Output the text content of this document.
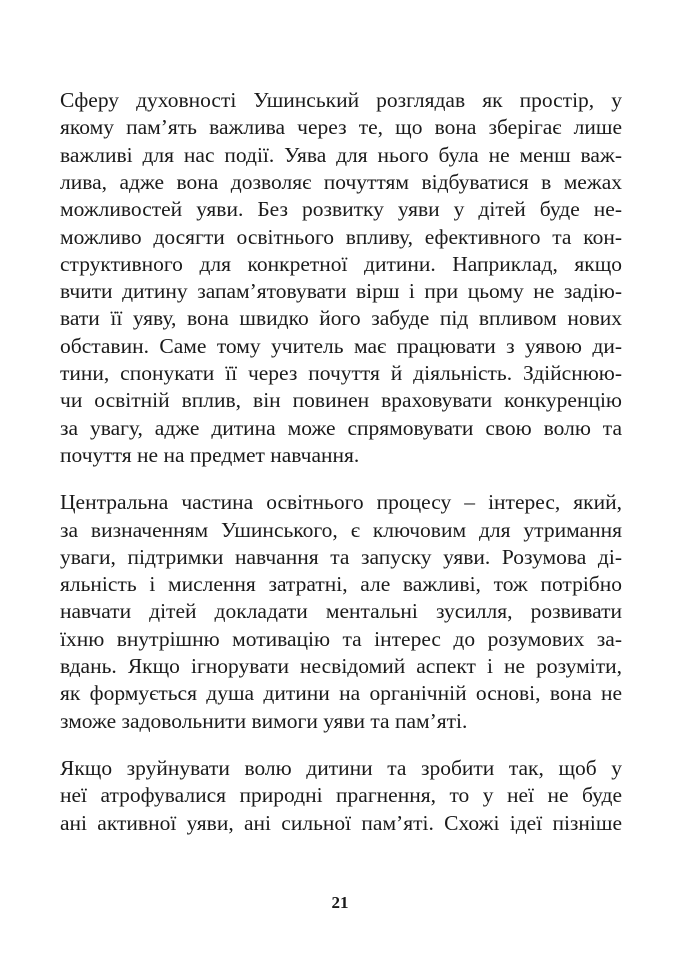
Сферу духовності Ушинський розглядав як простір, у
якому пам’ять важлива через те, що вона зберігає лише
важливі для нас події. Уява для нього була не менш важ-
лива, адже вона дозволяє почуттям відбуватися в межах
можливостей уяви. Без розвитку уяви у дітей буде не-
можливо досягти освітнього впливу, ефективного та кон-
структивного для конкретної дитини. Наприклад, якщо
вчити дитину запам’ятовувати вірш і при цьому не задію-
вати її уяву, вона швидко його забуде під впливом нових
обставин. Саме тому учитель має працювати з уявою ди-
тини, спонукати її через почуття й діяльність. Здійснюю-
чи освітній вплив, він повинен враховувати конкуренцію
за увагу, адже дитина може спрямовувати свою волю та
почуття не на предмет навчання.
Центральна частина освітнього процесу – інтерес, який,
за визначенням Ушинського, є ключовим для утримання
уваги, підтримки навчання та запуску уяви. Розумова ді-
яльність і мислення затратні, але важливі, тож потрібно
навчати дітей докладати ментальні зусилля, розвивати
їхню внутрішню мотивацію та інтерес до розумових за-
вдань. Якщо ігнорувати несвідомий аспект і не розуміти,
як формується душа дитини на органічній основі, вона не
зможе задовольнити вимоги уяви та пам’яті.
Якщо зруйнувати волю дитини та зробити так, щоб у
неї атрофувалися природні прагнення, то у неї не буде
ані активної уяви, ані сильної пам’яті. Схожі ідеї пізніше
21
